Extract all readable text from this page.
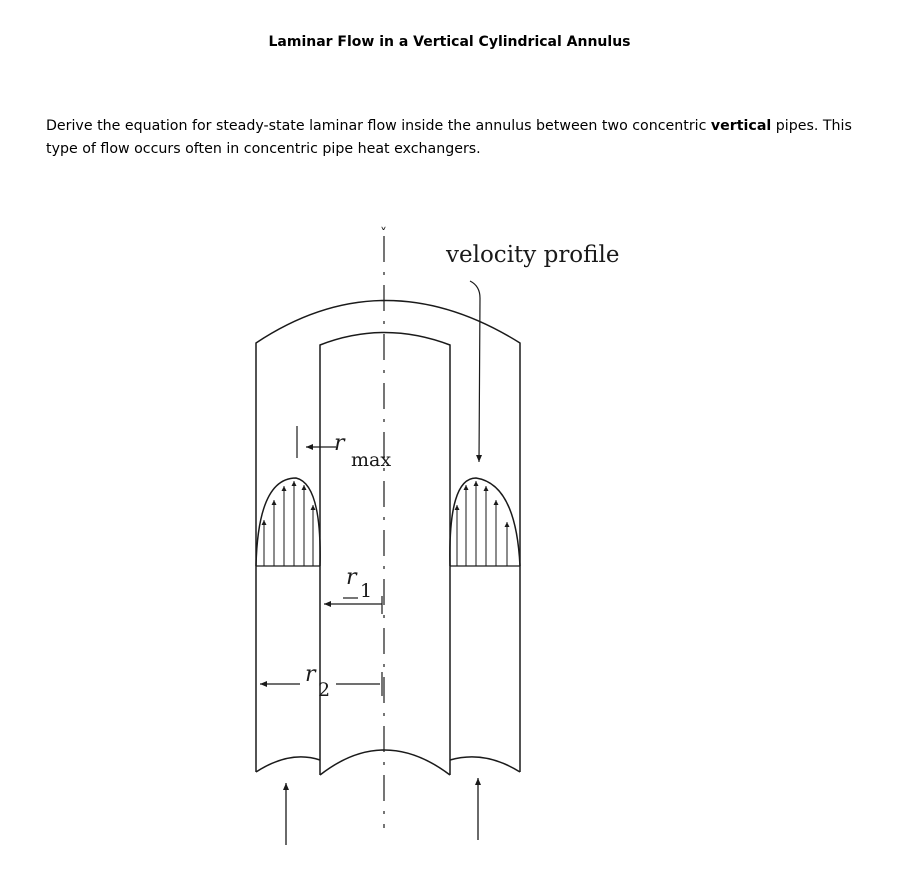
Laminar Flow in a Vertical Cylindrical Annulus

Derive the equation for steady-state laminar flow inside the annulus between two concentric vertical pipes. This type of flow occurs often in concentric pipe heat exchangers.

ˬ
velocity profile
r
max
r
1
r
2
